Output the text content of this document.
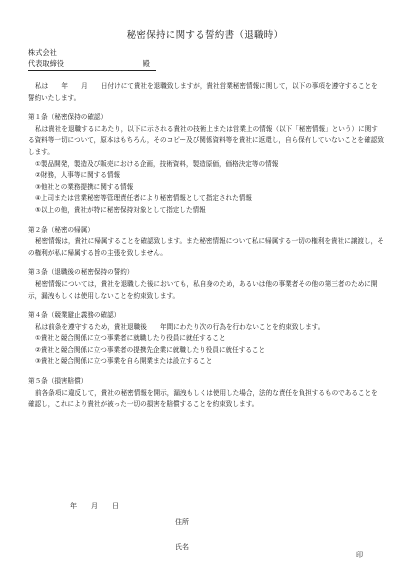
秘密保持に関する誓約書（退職時）
株式会社
代表取締役	殿

私は　　年　　月　　日付けにて貴社を退職致しますが，貴社営業秘密情報に関して，以下の事項を遵守することを誓約いたします。

第１条（秘密保持の確認）

私は貴社を退職するにあたり，以下に示される貴社の技術上または営業上の情報（以下「秘密情報」という）に関する資料等一切について，原本はもちろん，そのコピー及び関係資料等を貴社に返還し，自ら保有していないことを確認致します。

①製品開発，製造及び販売における企画，技術資料，製造原価，価格決定等の情報

②財務，人事等に関する情報

③他社との業務提携に関する情報

④上司または営業秘密等管理責任者により秘密情報として指定された情報

⑤以上の他，貴社が特に秘密保持対象として指定した情報

第２条（秘密の帰属）

秘密情報は，貴社に帰属することを確認致します。また秘密情報について私に帰属する一切の権利を貴社に譲渡し，その権利が私に帰属する旨の主張を致しません。

第３条（退職後の秘密保持の誓約）

秘密情報については，貴社を退職した後においても，私自身のため，あるいは他の事業者その他の第三者のために開示，漏洩もしくは使用しないことを約束致します。

第４条（競業避止義務の確認）

私は前条を遵守するため，貴社退職後　　年間にわたり次の行為を行わないことを約束致します。

①貴社と競合関係に立つ事業者に就職したり役員に就任すること

②貴社と競合関係に立つ事業者の提携先企業に就職したり役員に就任すること

③貴社と競合関係に立つ事業を自ら開業または設立すること

第５条（損害賠償）

前各条項に違反して，貴社の秘密情報を開示，漏洩もしくは使用した場合，法的な責任を負担するものであることを確認し，これにより貴社が被った一切の損害を賠償することを約束致します。

年　　月　　日
住所
氏名
印
